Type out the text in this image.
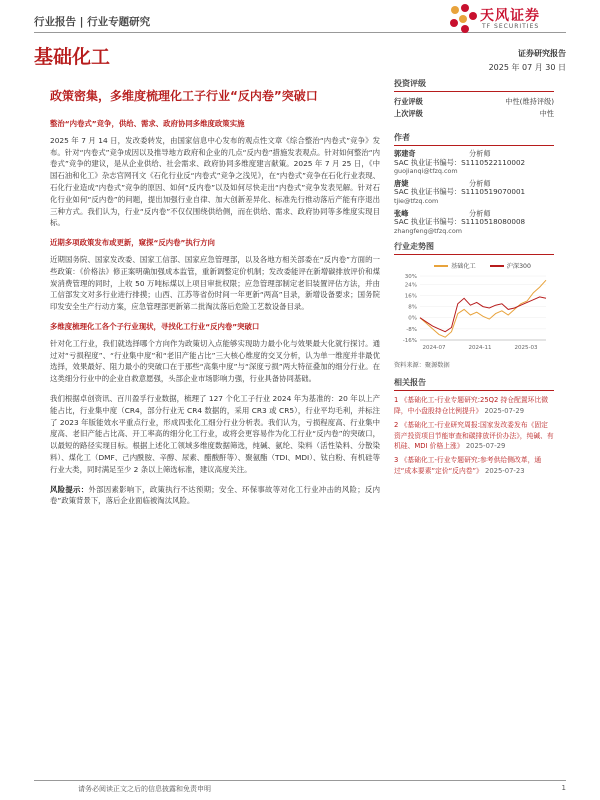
行业报告 | 行业专题研究	天风证券
TF SECURITIES
基础化工	证券研究报告
2025 年 07 月 30 日
政策密集，多维度梳理化工子行业“反内卷”突破口
整治“内卷式”竞争，供给、需求、政府协同多维度政策实施

2025 年 7 月 14 日，发改委转发，由国家信息中心发布的观点性文章《综合整治“内卷式”竞争》发布。针对“内卷式”竞争成因以及推导地方政府和企业的几点“反内卷”措施发表观点。针对如何整治“内卷式”竞争的建议，是从企业供给、社会需求、政府协同多维度建言献策。2025 年 7 月 25 日，《中国石油和化工》杂志官网刊文《石化行业反“内卷式”竞争之浅见》，在“内卷式”竞争在石化行业表现、石化行业造成“内卷式”竞争的原因、如何“反内卷”以及如何尽快走出“内卷式”竞争发表见解。针对石化行业如何“反内卷”的问题，提出加强行业自律、加大创新差异化、标准先行推动落后产能有序退出三种方式。我们认为，行业“反内卷”不仅仅围绕供给侧，而在供给、需求、政府协同等多维度实现目标。

近期多项政策发布或更新，窥探“反内卷”执行方向

近期国务院、国家发改委、国家工信部、国家应急管理部，以及各地方相关部委在“反内卷”方面的一些政策：《价格法》修正案明确加强成本监管，重新调整定价机制；发改委能评在新增碳排放评价和煤炭消费管理的同时，上收 50 万吨标煤以上项目审批权限；应急管理部制定老旧装置评估方法，并由工信部发文对多行业进行排摸；山西、江苏等省份时间一年更新“两高”目录，新增设备要求；国务院印发安全生产行动方案，应急管理部更新第二批淘汰落后危险工艺数设备目录。

多维度梳理化工各个子行业现状，寻找化工行业“反内卷”突破口

针对化工行业，我们就选择哪个方向作为政策切入点能够实现助力最小化与效果最大化就行探讨。通过对“亏损程度”、“行业集中度”和“老旧产能占比”三大核心维度的交叉分析，认为单一维度并非最优选择，效果最好、阻力最小的突破口在于那些“高集中度”与“深度亏损”两大特征叠加的细分行业。在这类细分行业中的企业自救意愿强，头部企业市场影响力强，行业具备协同基础。

我们根据卓创资讯、百川盈孚行业数据，梳理了 127 个化工子行业 2024 年为基准的：20 年以上产能占比，行业集中度（CR4，部分行业无 CR4 数据的，采用 CR3 或 CR5），行业平均毛利，并标注了 2023 年版能效水平重点行业，形成四张化工细分行业分析表。我们认为，亏损程度高、行业集中度高、老旧产能占比高、开工率高的细分化工行业，或将会更容易作为化工行业“反内卷”的突破口，以最短的路径实现目标。根据上述化工领域多维度数据筛选，纯碱、氨纶、染料（活性染料、分散染料）、煤化工（DMF、己内酰胺、辛醇、尿素、醋酸酐等）、聚氨酯（TDI、MDI）、钛白粉、有机硅等行业大类，同时满足至少 2 条以上筛选标准，建议高度关注。

风险提示：外部因素影响下，政策执行不达预期；安全、环保事故等对化工行业冲击的风险；反内卷”政策背景下，落后企业面临被淘汰风险。

投资评级
行业评级	中性(维持评级)
上次评级	中性
作者
郭建奇	分析师
SAC 执业证书编号：S1110522110002
guojianqi@tfzq.com
唐婕	分析师
SAC 执业证书编号：S1110519070001
tjie@tfzq.com
张峰	分析师
SAC 执业证书编号：S1110518080008
zhangfeng@tfzq.com
行业走势图
基础化工	沪深300
-16%
-8%
0%
8%
16%
24%
30%
2024-07	2024-11	2025-03
资料来源：聚源数据
相关报告
1 《基础化工-行业专题研究:25Q2 持仓配置环比微降，中小盘股持仓比例提升》 2025-07-29
2 《基础化工-行业研究周报:国家发改委发布《固定资产投资项目节能审查和碳排放评价办法》，纯碱、有机硅、MDI 价格上涨》 2025-07-29
3 《基础化工-行业专题研究:参考供给侧改革，通过“成本要素”定价“反内卷”》 2025-07-23
请务必阅读正文之后的信息披露和免责申明	1
